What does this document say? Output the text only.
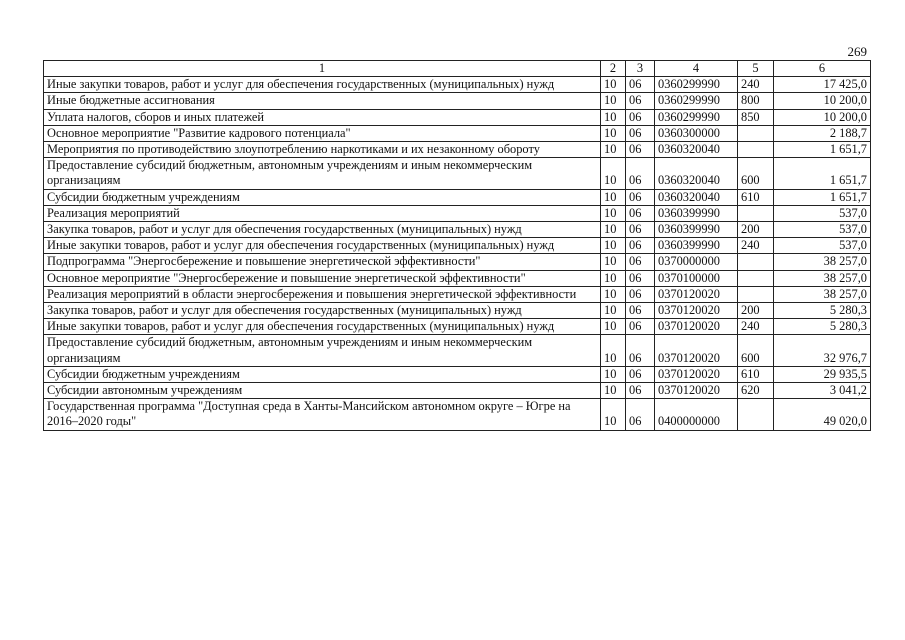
269
1	2	3	4	5	6
Иные закупки товаров, работ и услуг для обеспечения государственных (муниципальных) нужд	10	06	0360299990	240	17 425,0
Иные бюджетные ассигнования	10	06	0360299990	800	10 200,0
Уплата налогов, сборов и иных платежей	10	06	0360299990	850	10 200,0
Основное мероприятие "Развитие кадрового потенциала"	10	06	0360300000		2 188,7
Мероприятия по противодействию злоупотреблению наркотиками и их незаконному обороту	10	06	0360320040		1 651,7
Предоставление субсидий бюджетным, автономным учреждениям и иным некоммерческим организациям	10	06	0360320040	600	1 651,7
Субсидии бюджетным учреждениям	10	06	0360320040	610	1 651,7
Реализация мероприятий	10	06	0360399990		537,0
Закупка товаров, работ и услуг для обеспечения государственных (муниципальных) нужд	10	06	0360399990	200	537,0
Иные закупки товаров, работ и услуг для обеспечения государственных (муниципальных) нужд	10	06	0360399990	240	537,0
Подпрограмма "Энергосбережение и повышение энергетической эффективности"	10	06	0370000000		38 257,0
Основное мероприятие "Энергосбережение и повышение энергетической эффективности"	10	06	0370100000		38 257,0
Реализация мероприятий в области энергосбережения и повышения энергетической эффективности	10	06	0370120020		38 257,0
Закупка товаров, работ и услуг для обеспечения государственных (муниципальных) нужд	10	06	0370120020	200	5 280,3
Иные закупки товаров, работ и услуг для обеспечения государственных (муниципальных) нужд	10	06	0370120020	240	5 280,3
Предоставление субсидий бюджетным, автономным учреждениям и иным некоммерческим организациям	10	06	0370120020	600	32 976,7
Субсидии бюджетным учреждениям	10	06	0370120020	610	29 935,5
Субсидии автономным учреждениям	10	06	0370120020	620	3 041,2
Государственная программа "Доступная среда в Ханты-Мансийском автономном округе – Югре на 2016–2020 годы"	10	06	0400000000		49 020,0
